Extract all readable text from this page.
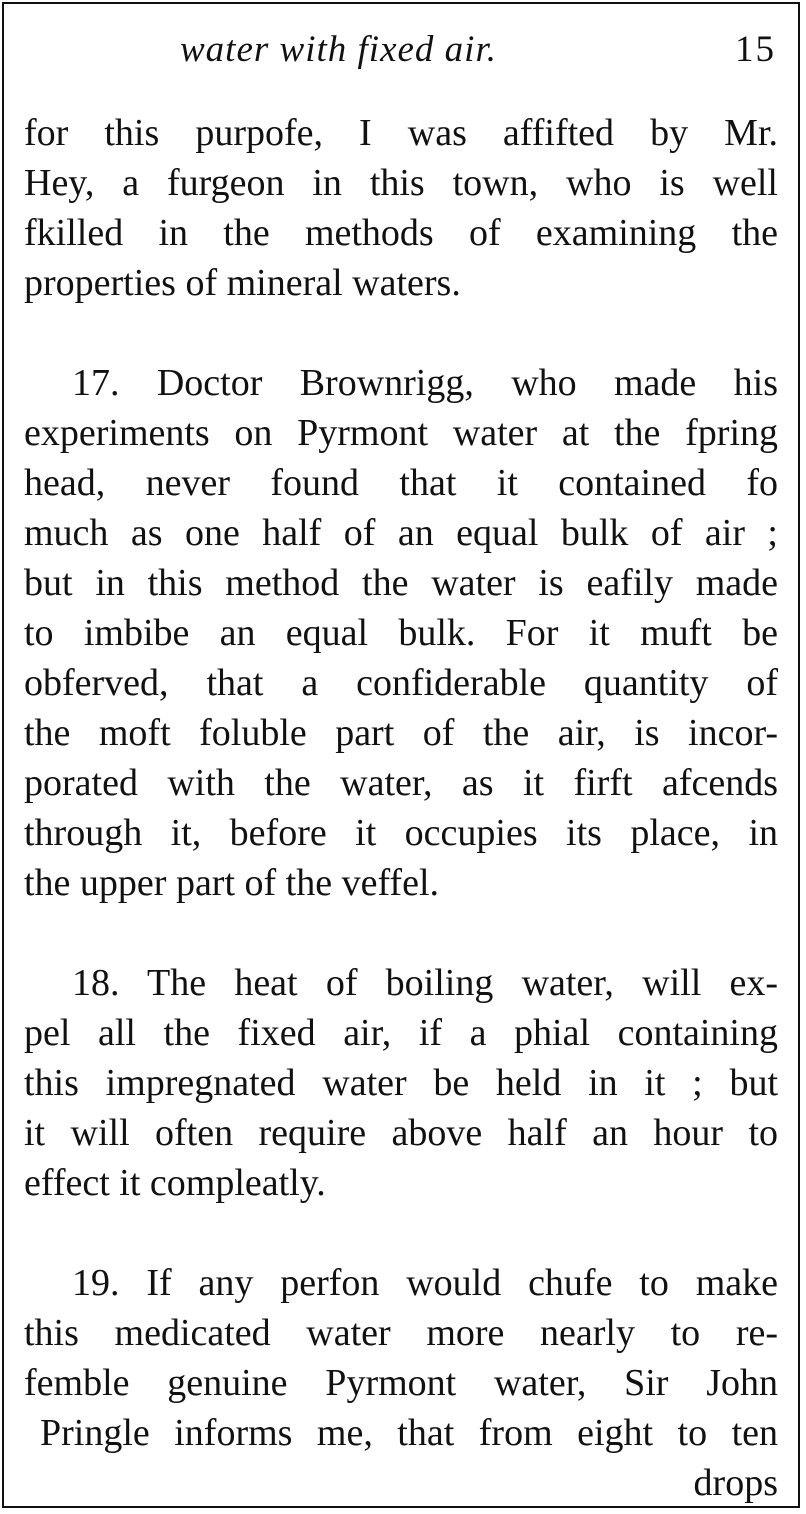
water with fixed air.	15
for this purpofe, I was affifted by Mr.
Hey, a furgeon in this town, who is well
fkilled in the methods of examining the
properties of mineral waters.
17. Doctor Brownrigg, who made his
experiments on Pyrmont water at the fpring
head, never found that it contained fo
much as one half of an equal bulk of air ;
but in this method the water is eafily made
to imbibe an equal bulk. For it muft be
obferved, that a confiderable quantity of
the moft foluble part of the air, is incor-
porated with the water, as it firft afcends
through it, before it occupies its place, in
the upper part of the veffel.
18. The heat of boiling water, will ex-
pel all the fixed air, if a phial containing
this impregnated water be held in it ; but
it will often require above half an hour to
effect it compleatly.
19. If any perfon would chufe to make
this medicated water more nearly to re-
femble genuine Pyrmont water, Sir John
Pringle informs me, that from eight to ten
drops
